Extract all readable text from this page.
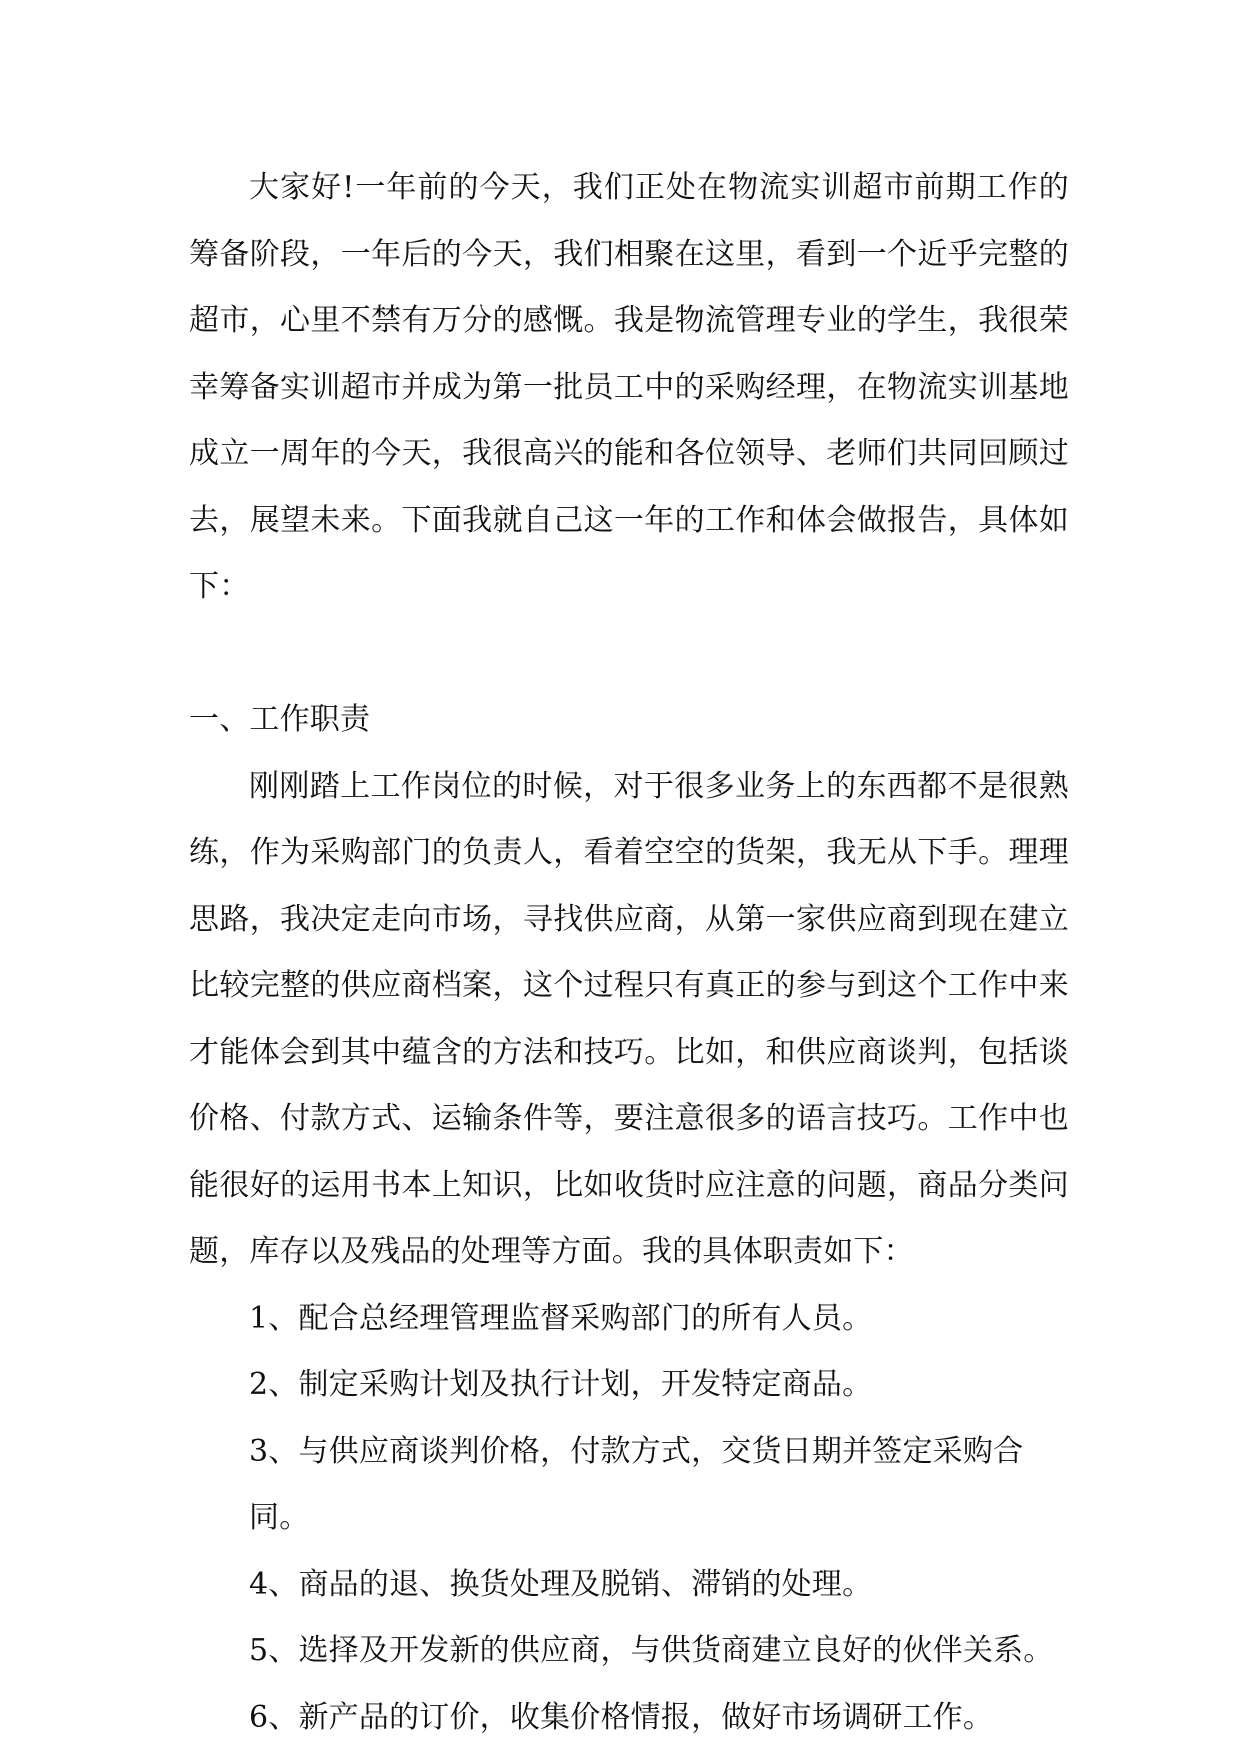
大家好!一年前的今天，我们正处在物流实训超市前期工作的筹备阶段，一年后的今天，我们相聚在这里，看到一个近乎完整的超市，心里不禁有万分的感慨。我是物流管理专业的学生，我很荣幸筹备实训超市并成为第一批员工中的采购经理，在物流实训基地成立一周年的今天，我很高兴的能和各位领导、老师们共同回顾过去，展望未来。下面我就自己这一年的工作和体会做报告，具体如下：

一、工作职责

刚刚踏上工作岗位的时候，对于很多业务上的东西都不是很熟练，作为采购部门的负责人，看着空空的货架，我无从下手。理理思路，我决定走向市场，寻找供应商，从第一家供应商到现在建立比较完整的供应商档案，这个过程只有真正的参与到这个工作中来才能体会到其中蕴含的方法和技巧。比如，和供应商谈判，包括谈价格、付款方式、运输条件等，要注意很多的语言技巧。工作中也能很好的运用书本上知识，比如收货时应注意的问题，商品分类问题，库存以及残品的处理等方面。我的具体职责如下：

1、配合总经理管理监督采购部门的所有人员。
2、制定采购计划及执行计划，开发特定商品。
3、与供应商谈判价格，付款方式，交货日期并签定采购合同。
4、商品的退、换货处理及脱销、滞销的处理。
5、选择及开发新的供应商，与供货商建立良好的伙伴关系。
6、新产品的订价，收集价格情报，做好市场调研工作。
